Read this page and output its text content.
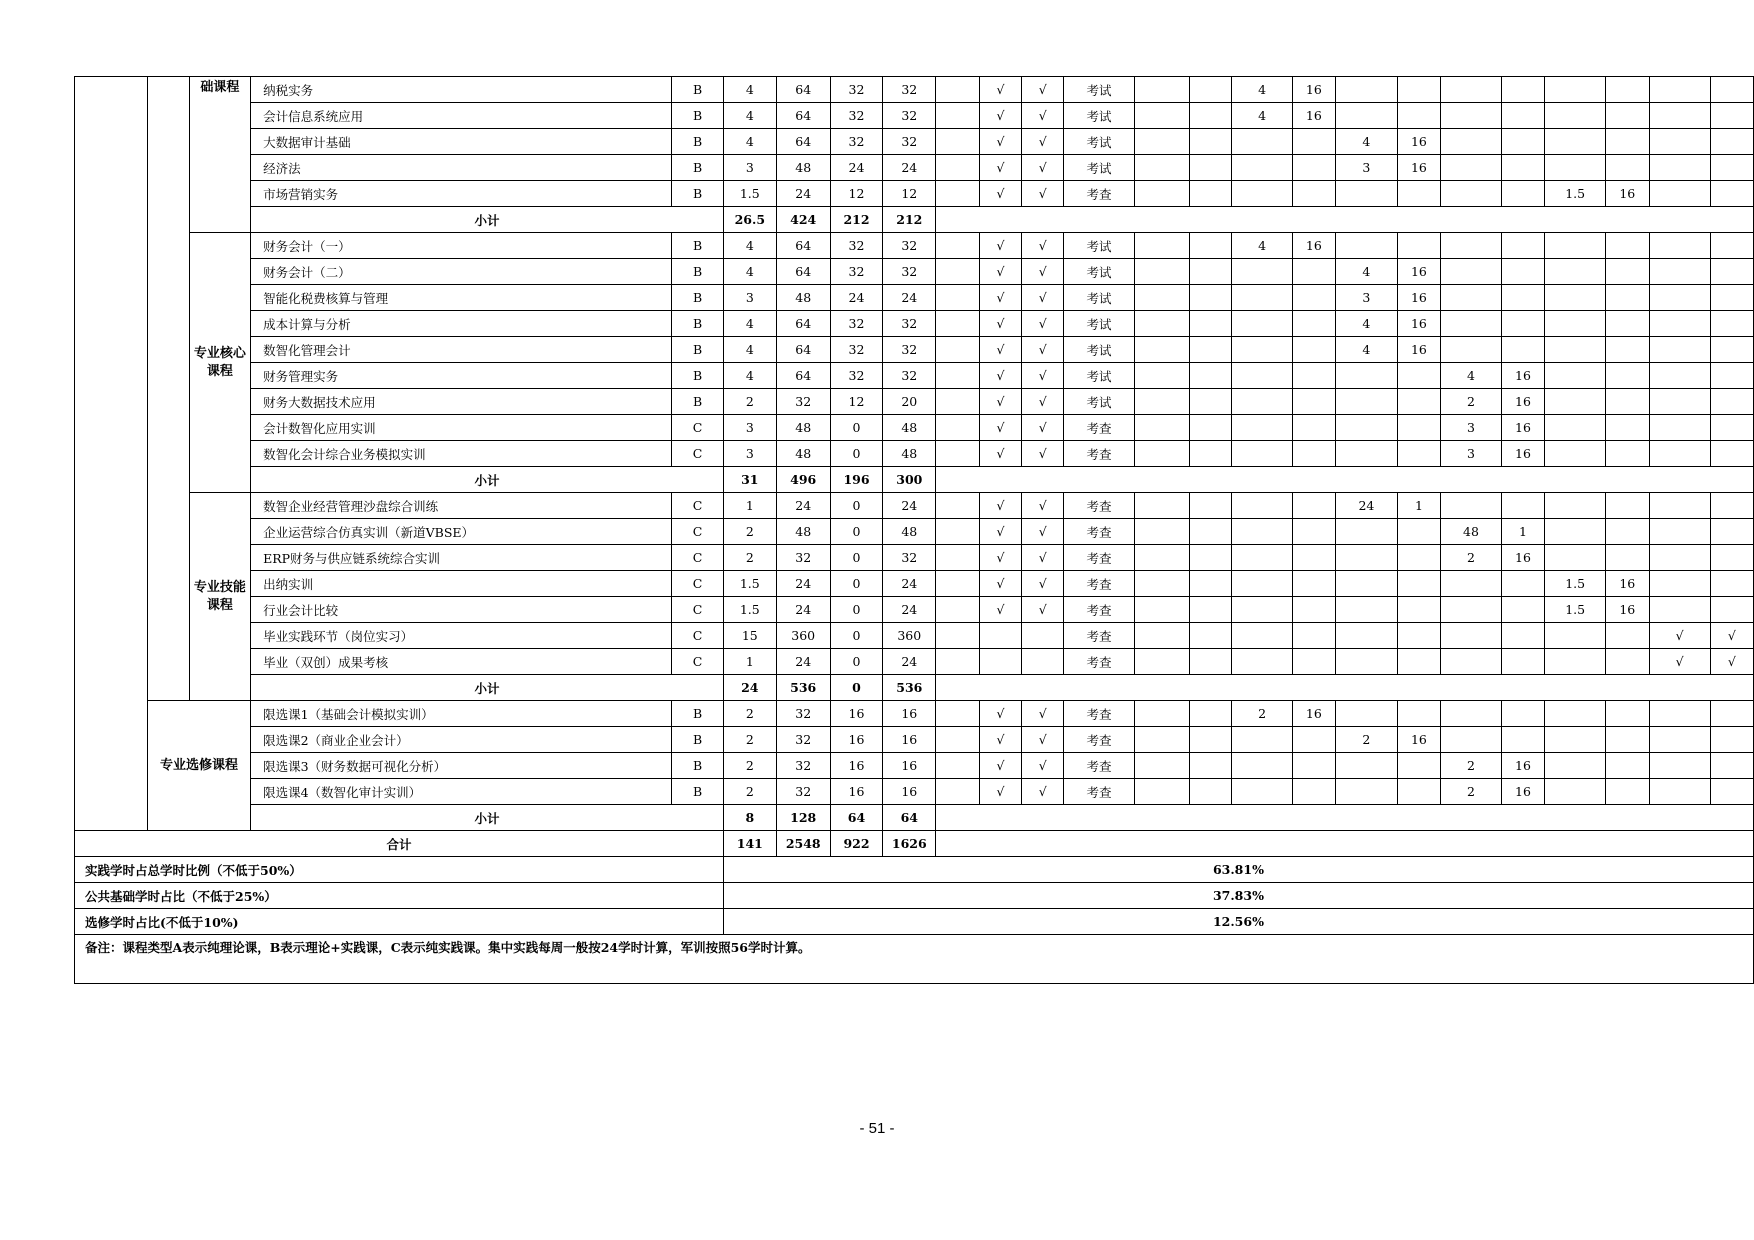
		础课程	纳税实务	B	4	64	32	32		√	√	考试			4	16								
			会计信息系统应用	B	4	64	32	32		√	√	考试			4	16								
			大数据审计基础	B	4	64	32	32		√	√	考试					4	16						
			经济法	B	3	48	24	24		√	√	考试					3	16						
			市场营销实务	B	1.5	24	12	12		√	√	考查									1.5	16		
			小计		26.5	424	212	212																
		专业核心课程	财务会计（一）	B	4	64	32	32		√	√	考试			4	16								
			财务会计（二）	B	4	64	32	32		√	√	考试					4	16						
			智能化税费核算与管理	B	3	48	24	24		√	√	考试					3	16						
			成本计算与分析	B	4	64	32	32		√	√	考试					4	16						
			数智化管理会计	B	4	64	32	32		√	√	考试					4	16						
			财务管理实务	B	4	64	32	32		√	√	考试							4	16				
			财务大数据技术应用	B	2	32	12	20		√	√	考试							2	16				
			会计数智化应用实训	C	3	48	0	48		√	√	考查							3	16				
			数智化会计综合业务模拟实训	C	3	48	0	48		√	√	考查							3	16				
			小计		31	496	196	300																
		专业技能课程	数智企业经营管理沙盘综合训练	C	1	24	0	24		√	√	考查					24	1						
			企业运营综合仿真实训（新道VBSE）	C	2	48	0	48		√	√	考查							48	1				
			ERP财务与供应链系统综合实训	C	2	32	0	32		√	√	考查							2	16				
			出纳实训	C	1.5	24	0	24		√	√	考查									1.5	16		
			行业会计比较	C	1.5	24	0	24		√	√	考查									1.5	16		
			毕业实践环节（岗位实习）	C	15	360	0	360				考查											√	√
			毕业（双创）成果考核	C	1	24	0	24				考查											√	√
			小计		24	536	0	536																
	专业选修课程		限选课1（基础会计模拟实训）	B	2	32	16	16		√	√	考查			2	16								
			限选课2（商业企业会计）	B	2	32	16	16		√	√	考查					2	16						
			限选课3（财务数据可视化分析）	B	2	32	16	16		√	√	考查							2	16				
			限选课4（数智化审计实训）	B	2	32	16	16		√	√	考查							2	16				
			小计		8	128	64	64																
合计					141	2548	922	1626																
实践学时占总学时比例（不低于50%）					63.81%																			
公共基础学时占比（不低于25%）					37.83%																			
选修学时占比(不低于10%)					12.56%																			
备注：课程类型A表示纯理论课，B表示理论+实践课，C表示纯实践课。集中实践每周一般按24学时计算，军训按照56学时计算。																								
- 51 -
